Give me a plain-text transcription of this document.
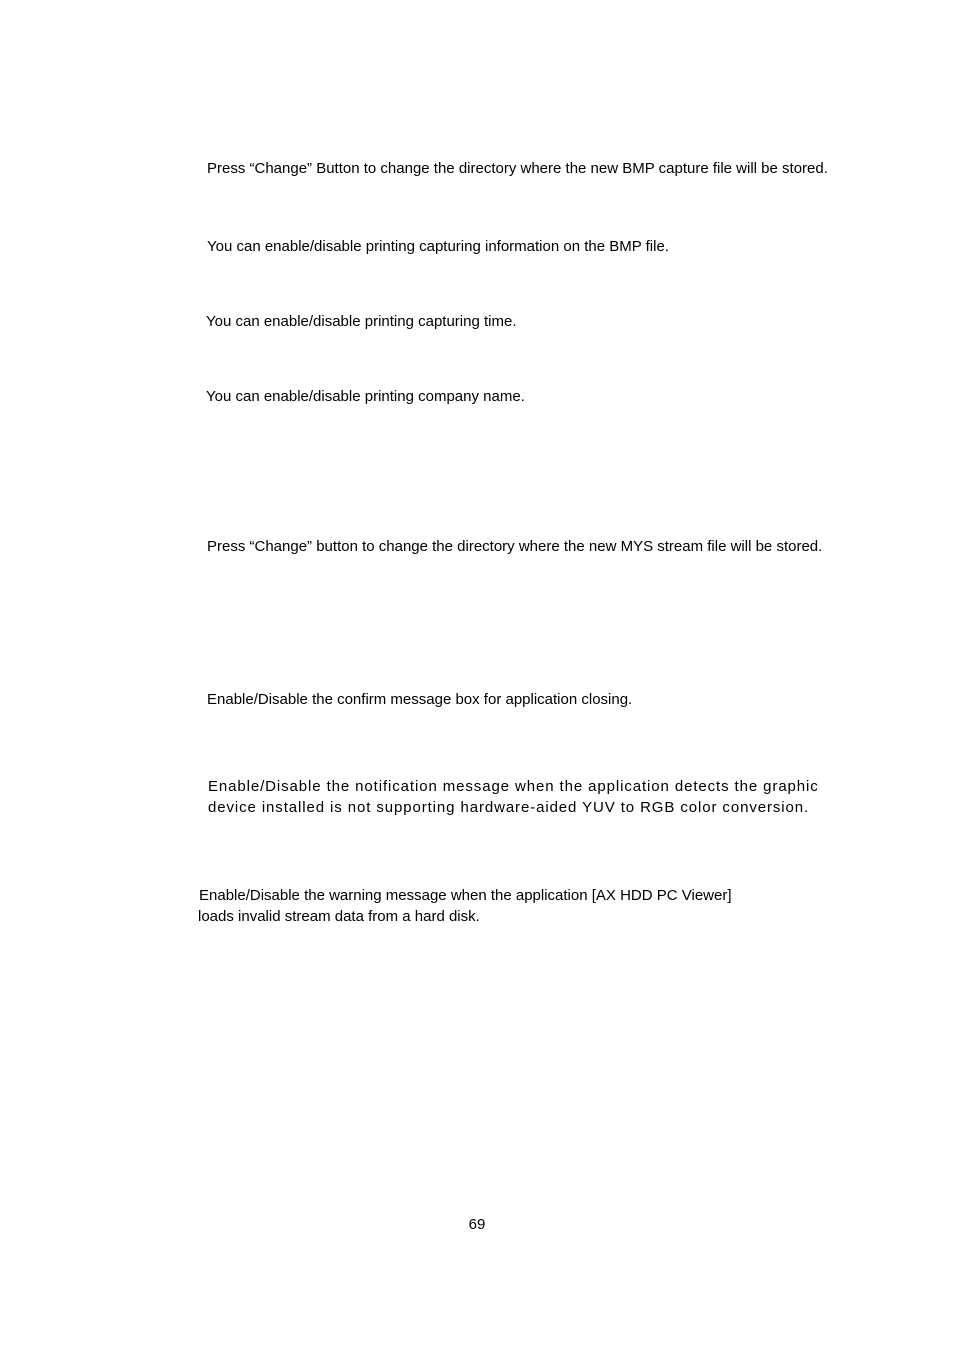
Press “Change” Button to change the directory where the new BMP capture file will be stored.

You can enable/disable printing capturing information on the BMP file.

You can enable/disable printing capturing time.

You can enable/disable printing company name.

Press “Change” button to change the directory where the new MYS stream file will be stored.

Enable/Disable the confirm message box for application closing.

Enable/Disable the notification message when the application detects the graphic

device installed is not supporting hardware-aided YUV to RGB color conversion.

Enable/Disable the warning message when the application [AX HDD PC Viewer]

loads invalid stream data from a hard disk.

69
